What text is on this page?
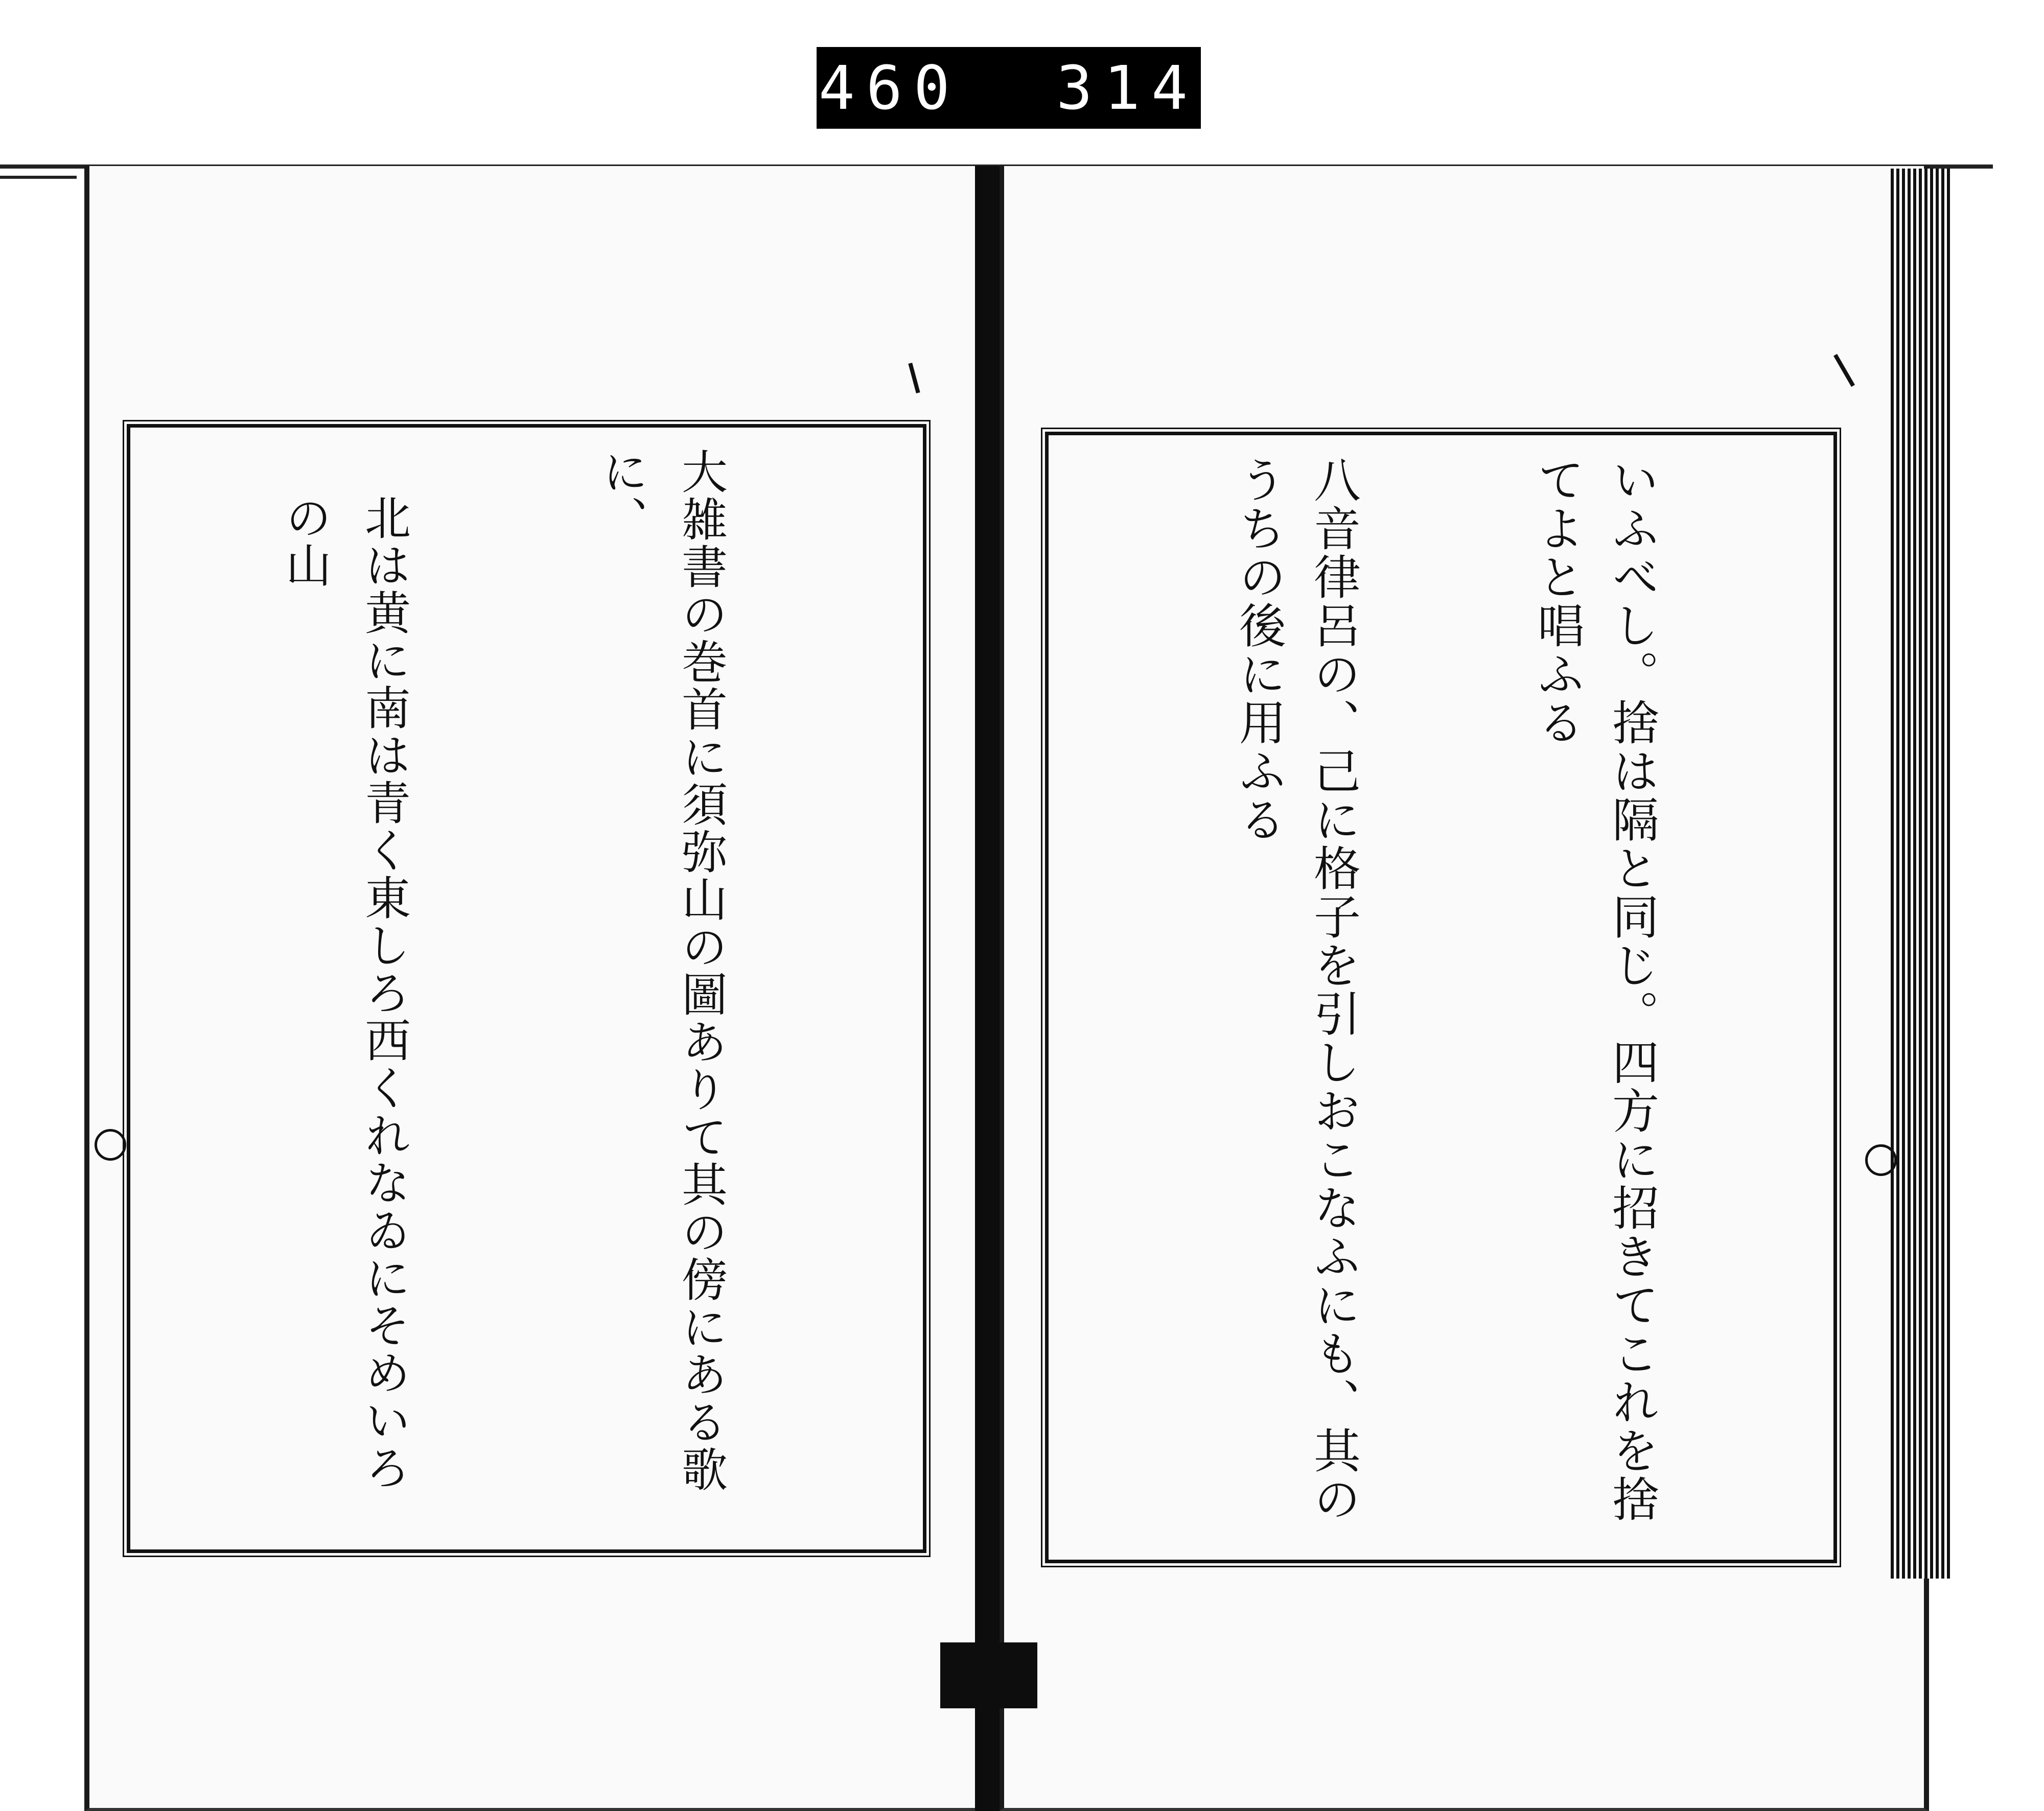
460  314

大雑書の巻首に須弥山の圖ありて其の傍にある歌に、

北は黄に南は青く東しろ西くれなゐにそめいろの山

	いふべし。捨は隔と同じ。四方に招きてこれを捨てよと唱ふる

八音律呂の、己に格子を引しおこなふにも、其のうちの後に用ふる
